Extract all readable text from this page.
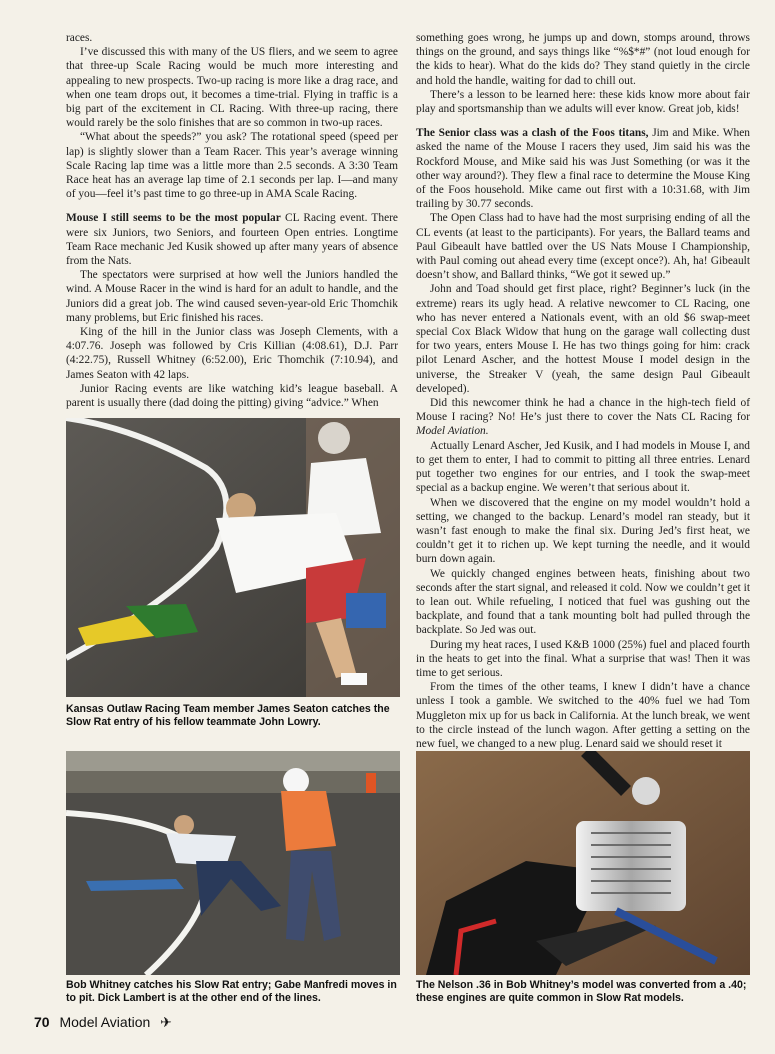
races.

I’ve discussed this with many of the US fliers, and we seem to agree that three-up Scale Racing would be much more interesting and appealing to new prospects. Two-up racing is more like a drag race, and when one team drops out, it becomes a time-trial. Flying in traffic is a big part of the excitement in CL Racing. With three-up racing, there would rarely be the solo finishes that are so common in two-up races.

“What about the speeds?” you ask? The rotational speed (speed per lap) is slightly slower than a Team Racer. This year’s average winning Scale Racing lap time was a little more than 2.5 seconds. A 3:30 Team Race heat has an average lap time of 2.1 seconds per lap. I—and many of you—feel it’s past time to go three-up in AMA Scale Racing.

Mouse I still seems to be the most popular CL Racing event. There were six Juniors, two Seniors, and fourteen Open entries. Longtime Team Race mechanic Jed Kusik showed up after many years of absence from the Nats.

The spectators were surprised at how well the Juniors handled the wind. A Mouse Racer in the wind is hard for an adult to handle, and the Juniors did a great job. The wind caused seven-year-old Eric Thomchik many problems, but Eric finished his races.

King of the hill in the Junior class was Joseph Clements, with a 4:07.76. Joseph was followed by Cris Killian (4:08.61), D.J. Parr (4:22.75), Russell Whitney (6:52.00), Eric Thomchik (7:10.94), and James Seaton with 42 laps.

Junior Racing events are like watching kid’s league baseball. A parent is usually there (dad doing the pitting) giving “advice.” When

something goes wrong, he jumps up and down, stomps around, throws things on the ground, and says things like “%$*#” (not loud enough for the kids to hear). What do the kids do? They stand quietly in the circle and hold the handle, waiting for dad to chill out.

There’s a lesson to be learned here: these kids know more about fair play and sportsmanship than we adults will ever know. Great job, kids!

The Senior class was a clash of the Foos titans, Jim and Mike. When asked the name of the Mouse I racers they used, Jim said his was the Rockford Mouse, and Mike said his was Just Something (or was it the other way around?). They flew a final race to determine the Mouse King of the Foos household. Mike came out first with a 10:31.68, with Jim trailing by 30.77 seconds.

The Open Class had to have had the most surprising ending of all the CL events (at least to the participants). For years, the Ballard teams and Paul Gibeault have battled over the US Nats Mouse I Championship, with Paul coming out ahead every time (except once?). Ah, ha! Gibeault doesn’t show, and Ballard thinks, “We got it sewed up.”

John and Toad should get first place, right? Beginner’s luck (in the extreme) rears its ugly head. A relative newcomer to CL Racing, one who has never entered a Nationals event, with an old $6 swap-meet special Cox Black Widow that hung on the garage wall collecting dust for two years, enters Mouse I. He has two things going for him: crack pilot Lenard Ascher, and the hottest Mouse I model design in the universe, the Streaker V (yeah, the same design Paul Gibeault developed).

Did this newcomer think he had a chance in the high-tech field of Mouse I racing? No! He’s just there to cover the Nats CL Racing for Model Aviation.

Actually Lenard Ascher, Jed Kusik, and I had models in Mouse I, and to get them to enter, I had to commit to pitting all three entries. Lenard put together two engines for our entries, and I took the swap-meet special as a backup engine. We weren’t that serious about it.

When we discovered that the engine on my model wouldn’t hold a setting, we changed to the backup. Lenard’s model ran steady, but it wasn’t fast enough to make the final six. During Jed’s first heat, we couldn’t get it to richen up. We kept turning the needle, and it would burn down again.

We quickly changed engines between heats, finishing about two seconds after the start signal, and released it cold. Now we couldn’t get it to lean out. While refueling, I noticed that fuel was gushing out the backplate, and found that a tank mounting bolt had pulled through the backplate. So Jed was out.

During my heat races, I used K&B 1000 (25%) fuel and placed fourth in the heats to get into the final. What a surprise that was! Then it was time to get serious.

From the times of the other teams, I knew I didn’t have a chance unless I took a gamble. We switched to the 40% fuel we had Tom Muggleton mix up for us back in California. At the lunch break, we went to the circle instead of the lunch wagon. After getting a setting on the new fuel, we changed to a new plug. Lenard said we should reset it

Kansas Outlaw Racing Team member James Seaton catches the Slow Rat entry of his fellow teammate John Lowry.
Bob Whitney catches his Slow Rat entry; Gabe Manfredi moves in to pit. Dick Lambert is at the other end of the lines.
The Nelson .36 in Bob Whitney’s model was converted from a .40; these engines are quite common in Slow Rat models.
70 Model Aviation ✈
